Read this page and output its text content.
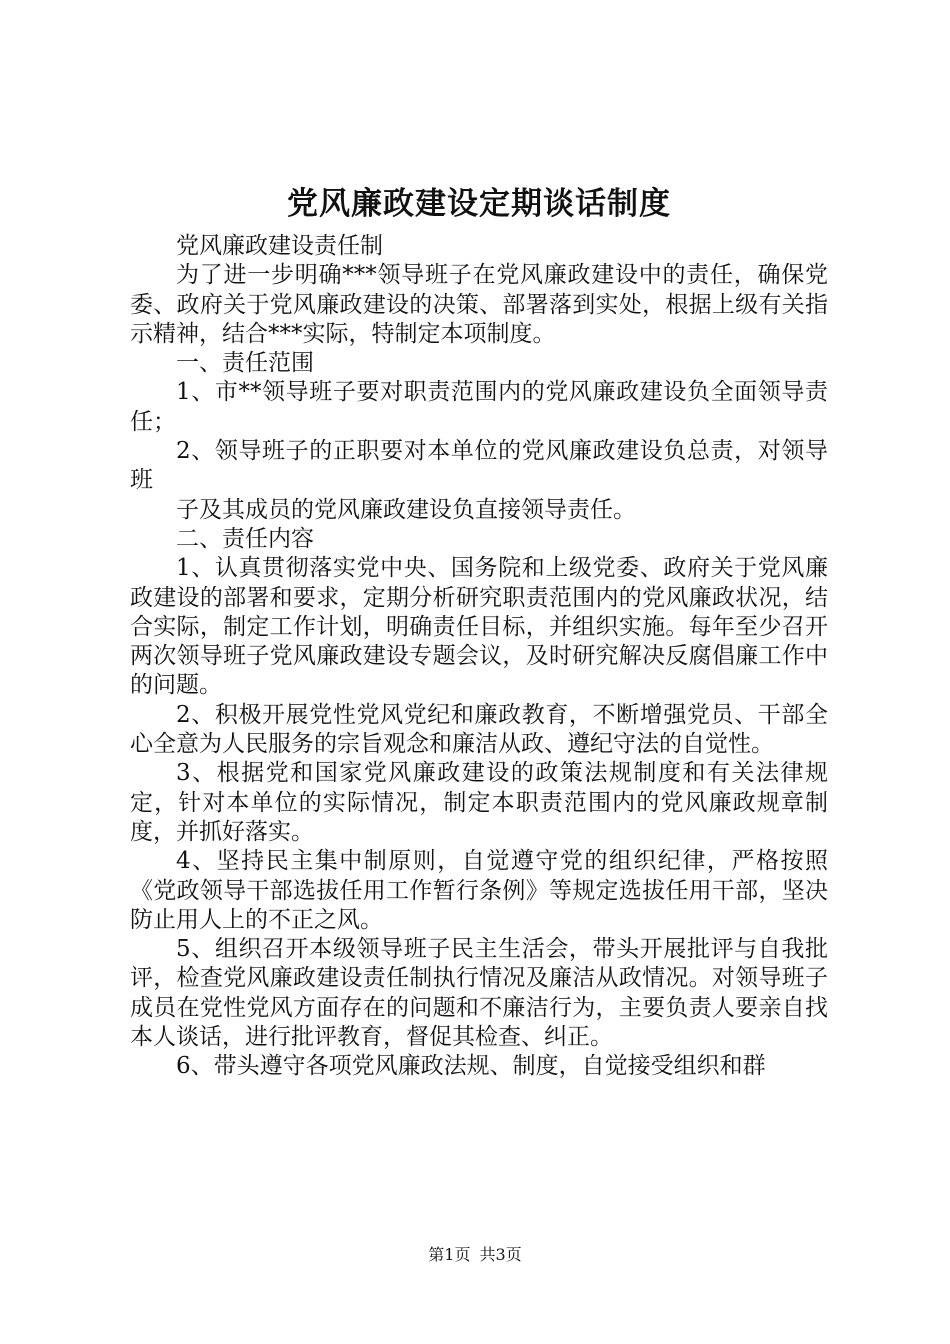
党风廉政建设定期谈话制度

党风廉政建设责任制

为了进一步明确***领导班子在党风廉政建设中的责任，确保党委、政府关于党风廉政建设的决策、部署落到实处，根据上级有关指示精神，结合***实际，特制定本项制度。

一、责任范围

1、市**领导班子要对职责范围内的党风廉政建设负全面领导责任；

2、领导班子的正职要对本单位的党风廉政建设负总责，对领导班

子及其成员的党风廉政建设负直接领导责任。

二、责任内容

1、认真贯彻落实党中央、国务院和上级党委、政府关于党风廉政建设的部署和要求，定期分析研究职责范围内的党风廉政状况，结合实际，制定工作计划，明确责任目标，并组织实施。每年至少召开两次领导班子党风廉政建设专题会议，及时研究解决反腐倡廉工作中的问题。

2、积极开展党性党风党纪和廉政教育，不断增强党员、干部全心全意为人民服务的宗旨观念和廉洁从政、遵纪守法的自觉性。

3、根据党和国家党风廉政建设的政策法规制度和有关法律规定，针对本单位的实际情况，制定本职责范围内的党风廉政规章制度，并抓好落实。

4、坚持民主集中制原则，自觉遵守党的组织纪律，严格按照《党政领导干部选拔任用工作暂行条例》等规定选拔任用干部，坚决防止用人上的不正之风。

5、组织召开本级领导班子民主生活会，带头开展批评与自我批评，检查党风廉政建设责任制执行情况及廉洁从政情况。对领导班子成员在党性党风方面存在的问题和不廉洁行为，主要负责人要亲自找本人谈话，进行批评教育，督促其检查、纠正。

6、带头遵守各项党风廉政法规、制度，自觉接受组织和群

第1页 共3页
